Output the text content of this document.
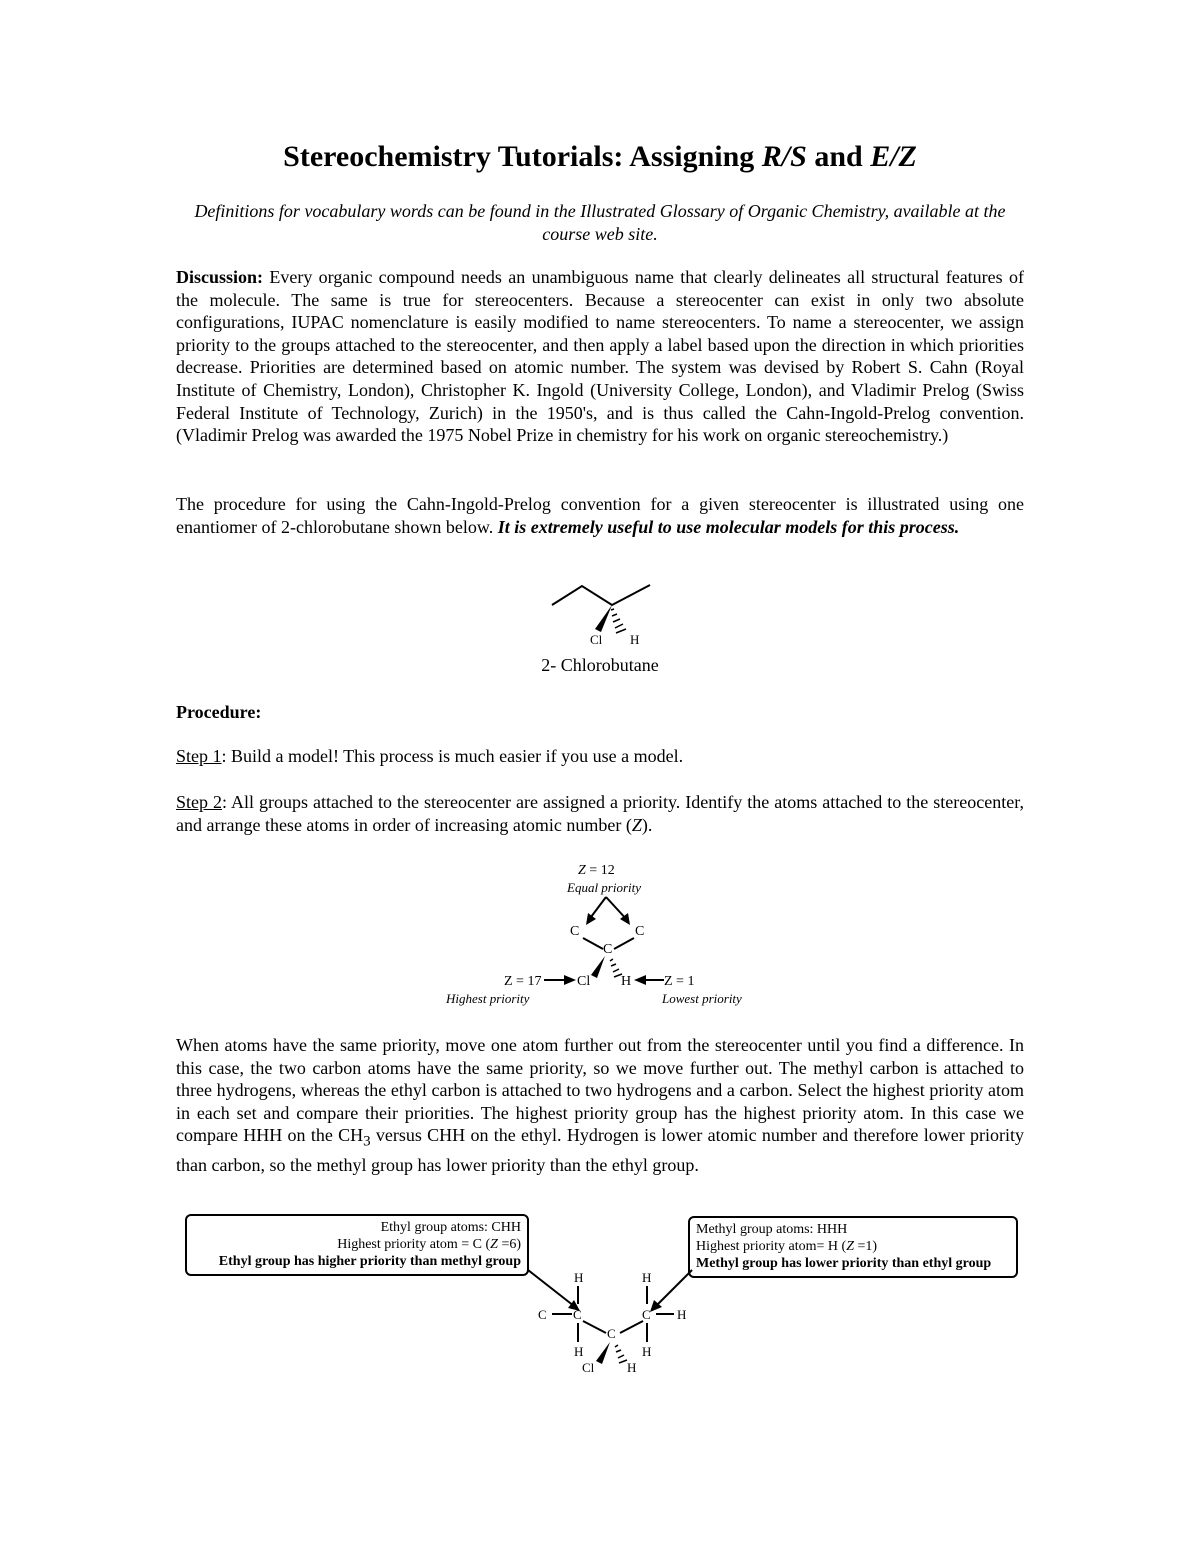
Stereochemistry Tutorials: Assigning R/S and E/Z
Definitions for vocabulary words can be found in the Illustrated Glossary of Organic Chemistry, available at the course web site.
Discussion: Every organic compound needs an unambiguous name that clearly delineates all structural features of the molecule. The same is true for stereocenters. Because a stereocenter can exist in only two absolute configurations, IUPAC nomenclature is easily modified to name stereocenters. To name a stereocenter, we assign priority to the groups attached to the stereocenter, and then apply a label based upon the direction in which priorities decrease. Priorities are determined based on atomic number. The system was devised by Robert S. Cahn (Royal Institute of Chemistry, London), Christopher K. Ingold (University College, London), and Vladimir Prelog (Swiss Federal Institute of Technology, Zurich) in the 1950's, and is thus called the Cahn-Ingold-Prelog convention. (Vladimir Prelog was awarded the 1975 Nobel Prize in chemistry for his work on organic stereochemistry.)
The procedure for using the Cahn-Ingold-Prelog convention for a given stereocenter is illustrated using one enantiomer of 2-chlorobutane shown below. It is extremely useful to use molecular models for this process.
Cl H
2- Chlorobutane
Procedure:
Step 1: Build a model! This process is much easier if you use a model.
Step 2: All groups attached to the stereocenter are assigned a priority. Identify the atoms attached to the stereocenter, and arrange these atoms in order of increasing atomic number (Z).
Z = 12
Equal priority
C	C
C
Cl H
Z = 17	Z = 1
Highest priority	Lowest priority
When atoms have the same priority, move one atom further out from the stereocenter until you find a difference. In this case, the two carbon atoms have the same priority, so we move further out. The methyl carbon is attached to three hydrogens, whereas the ethyl carbon is attached to two hydrogens and a carbon. Select the highest priority atom in each set and compare their priorities. The highest priority group has the highest priority atom. In this case we compare HHH on the $CH_3$ versus CHH on the ethyl. Hydrogen is lower atomic number and therefore lower priority than carbon, so the methyl group has lower priority than the ethyl group.
Ethyl group atoms: CHH
Highest priority atom = C (Z =6)
Ethyl group has higher priority than methyl group
Methyl group atoms: HHH
Highest priority atom= H (Z =1)
Methyl group has lower priority than ethyl group
H	H
C C	C H
C
H	H
Cl	H
